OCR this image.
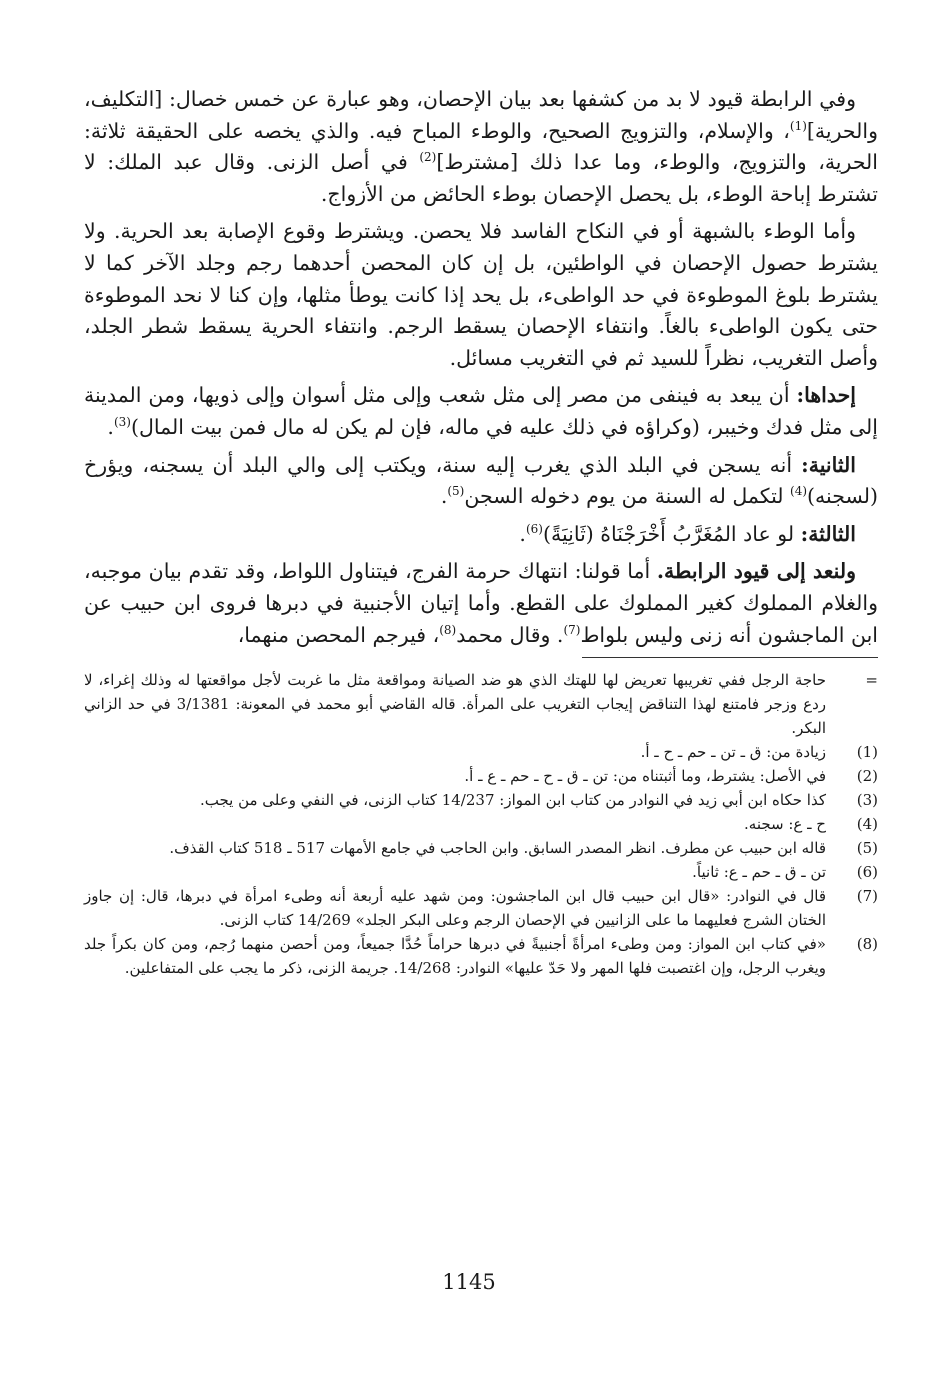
وفي الرابطة قيود لا بد من كشفها بعد بيان الإحصان، وهو عبارة عن خمس خصال: [التكليف، والحرية]$^{(1)}$، والإسلام، والتزويج الصحيح، والوطء المباح فيه. والذي يخصه على الحقيقة ثلاثة: الحرية، والتزويج، والوطء، وما عدا ذلك [مشترط]$^{(2)}$ في أصل الزنى. وقال عبد الملك: لا تشترط إباحة الوطء، بل يحصل الإحصان بوطء الحائض من الأزواج.

وأما الوطء بالشبهة أو في النكاح الفاسد فلا يحصن. ويشترط وقوع الإصابة بعد الحرية. ولا يشترط حصول الإحصان في الواطئين، بل إن كان المحصن أحدهما رجم وجلد الآخر كما لا يشترط بلوغ الموطوءة في حد الواطىء، بل يحد إذا كانت يوطأ مثلها، وإن كنا لا نحد الموطوءة حتى يكون الواطىء بالغاً. وانتفاء الإحصان يسقط الرجم. وانتفاء الحرية يسقط شطر الجلد، وأصل التغريب، نظراً للسيد ثم في التغريب مسائل.

إحداها: أن يبعد به فينفى من مصر إلى مثل شعب وإلى مثل أسوان وإلى ذويها، ومن المدينة إلى مثل فدك وخيبر، (وكراؤه في ذلك عليه في ماله، فإن لم يكن له مال فمن بيت المال)$^{(3)}$.

الثانية: أنه يسجن في البلد الذي يغرب إليه سنة، ويكتب إلى والي البلد أن يسجنه، ويؤرخ (لسجنه)$^{(4)}$ لتكمل له السنة من يوم دخوله السجن$^{(5)}$.

الثالثة: لو عاد المُغَرَّبُ أَخْرَجْنَاهُ (ثَانِيَةً)$^{(6)}$.

ولنعد إلى قيود الرابطة. أما قولنا: انتهاك حرمة الفرج، فيتناول اللواط، وقد تقدم بيان موجبه، والغلام المملوك كغير المملوك على القطع. وأما إتيان الأجنبية في دبرها فروى ابن حبيب عن ابن الماجشون أنه زنى وليس بلواط$^{(7)}$. وقال محمد$^{(8)}$، فيرجم المحصن منهما،

=
حاجة الرجل ففي تغريبها تعريض لها للهتك الذي هو ضد الصيانة ومواقعة مثل ما غربت لأجل مواقعتها له وذلك إغراء، لا ردع وزجر فامتنع لهذا التناقض إيجاب التغريب على المرأة. قاله القاضي أبو محمد في المعونة: 3/1381 في حد الزاني البكر.
(1)
زيادة من: ق ـ تن ـ حم ـ ح ـ أ.
(2)
في الأصل: يشترط، وما أثبتناه من: تن ـ ق ـ ح ـ حم ـ ع ـ أ.
(3)
كذا حكاه ابن أبي زيد في النوادر من كتاب ابن المواز: 14/237 كتاب الزنى، في النفي وعلى من يجب.
(4)
ح ـ ع: سجنه.
(5)
قاله ابن حبيب عن مطرف. انظر المصدر السابق. وابن الحاجب في جامع الأمهات 517 ـ 518 كتاب القذف.
(6)
تن ـ ق ـ حم ـ ع: ثانياً.
(7)
قال في النوادر: «قال ابن حبيب قال ابن الماجشون: ومن شهد عليه أربعة أنه وطىء امرأة في دبرها، قال: إن جاوز الختان الشرج فعليهما ما على الزانيين في الإحصان الرجم وعلى البكر الجلد» 14/269 كتاب الزنى.
(8)
«في كتاب ابن المواز: ومن وطىء امرأةً أجنبيةً في دبرها حراماً حُدَّا جميعاً، ومن أحصن منهما رُجم، ومن كان بكراً جلد ويغرب الرجل، وإن اغتصبت فلها المهر ولا حَدّ عليها» النوادر: 14/268. جريمة الزنى، ذكر ما يجب على المتفاعلين.
1145
